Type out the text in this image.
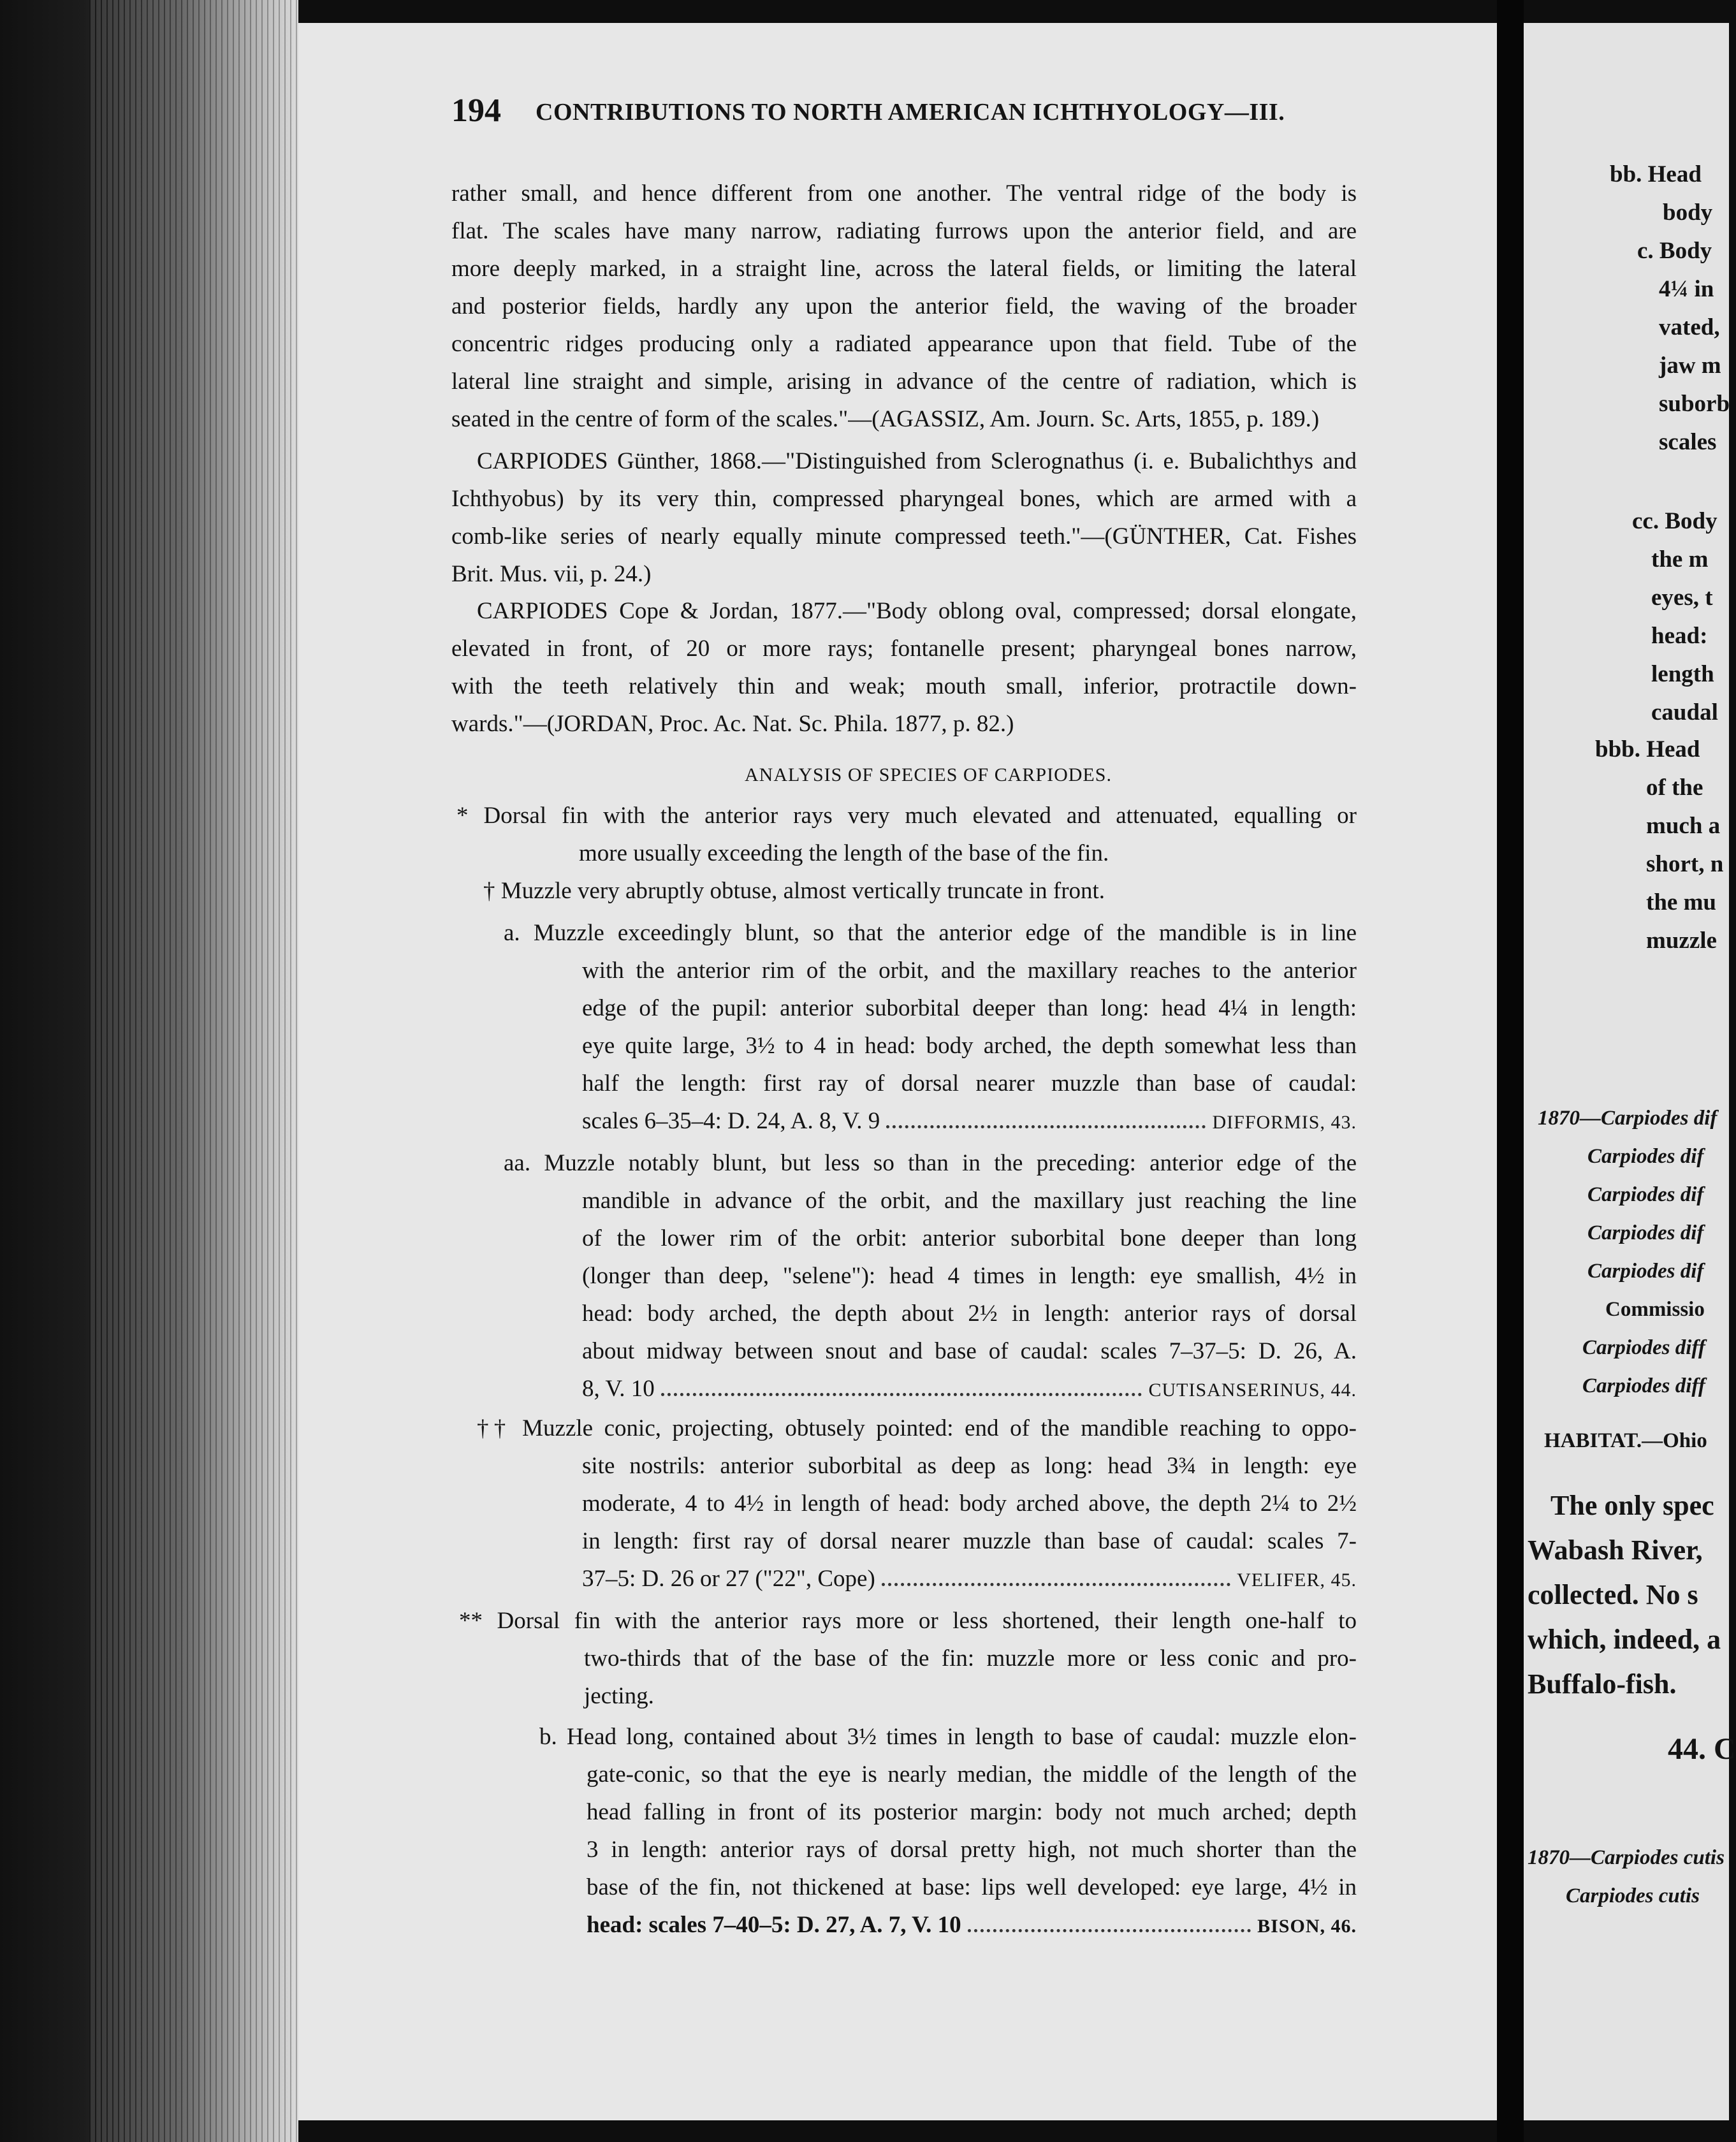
194 CONTRIBUTIONS TO NORTH AMERICAN ICHTHYOLOGY—III.
rather small, and hence different from one another. The ventral ridge of the body is
flat. The scales have many narrow, radiating furrows upon the anterior field, and are
more deeply marked, in a straight line, across the lateral fields, or limiting the lateral
and posterior fields, hardly any upon the anterior field, the waving of the broader
concentric ridges producing only a radiated appearance upon that field. Tube of the
lateral line straight and simple, arising in advance of the centre of radiation, which is
seated in the centre of form of the scales."—(AGASSIZ, Am. Journ. Sc. Arts, 1855, p. 189.)
CARPIODES Günther, 1868.—"Distinguished from Sclerognathus (i. e. Bubalichthys and
Ichthyobus) by its very thin, compressed pharyngeal bones, which are armed with a
comb-like series of nearly equally minute compressed teeth."—(GÜNTHER, Cat. Fishes
Brit. Mus. vii, p. 24.)
CARPIODES Cope & Jordan, 1877.—"Body oblong oval, compressed; dorsal elongate,
elevated in front, of 20 or more rays; fontanelle present; pharyngeal bones narrow,
with the teeth relatively thin and weak; mouth small, inferior, protractile down-
wards."—(JORDAN, Proc. Ac. Nat. Sc. Phila. 1877, p. 82.)
ANALYSIS OF SPECIES OF CARPIODES.
* Dorsal fin with the anterior rays very much elevated and attenuated, equalling or
more usually exceeding the length of the base of the fin.
† Muzzle very abruptly obtuse, almost vertically truncate in front.
a. Muzzle exceedingly blunt, so that the anterior edge of the mandible is in line
with the anterior rim of the orbit, and the maxillary reaches to the anterior
edge of the pupil: anterior suborbital deeper than long: head 4¼ in length:
eye quite large, 3½ to 4 in head: body arched, the depth somewhat less than
half the length: first ray of dorsal nearer muzzle than base of caudal:
scales 6–35–4: D. 24, A. 8, V. 9	DIFFORMIS, 43.
aa. Muzzle notably blunt, but less so than in the preceding: anterior edge of the
mandible in advance of the orbit, and the maxillary just reaching the line
of the lower rim of the orbit: anterior suborbital bone deeper than long
(longer than deep, "selene"): head 4 times in length: eye smallish, 4½ in
head: body arched, the depth about 2½ in length: anterior rays of dorsal
about midway between snout and base of caudal: scales 7–37–5: D. 26, A.
8, V. 10	CUTISANSERINUS, 44.
†† Muzzle conic, projecting, obtusely pointed: end of the mandible reaching to oppo-
site nostrils: anterior suborbital as deep as long: head 3¾ in length: eye
moderate, 4 to 4½ in length of head: body arched above, the depth 2¼ to 2½
in length: first ray of dorsal nearer muzzle than base of caudal: scales 7-
37–5: D. 26 or 27 ("22", Cope)	VELIFER, 45.
** Dorsal fin with the anterior rays more or less shortened, their length one-half to
two-thirds that of the base of the fin: muzzle more or less conic and pro-
jecting.
b. Head long, contained about 3½ times in length to base of caudal: muzzle elon-
gate-conic, so that the eye is nearly median, the middle of the length of the
head falling in front of its posterior margin: body not much arched; depth
3 in length: anterior rays of dorsal pretty high, not much shorter than the
base of the fin, not thickened at base: lips well developed: eye large, 4½ in
head: scales 7–40–5: D. 27, A. 7, V. 10	BISON, 46.
bb. Head
body
c. Body
4¼ in
vated,
jaw m
suborb
scales
cc. Body
the m
eyes, t
head:
length
caudal
bbb. Head
of the
much a
short, n
the mu
muzzle
1870—Carpiodes dif
Carpiodes dif
Carpiodes dif
Carpiodes dif
Carpiodes dif
Commissio
Carpiodes diff
Carpiodes diff
HABITAT.—Ohio
The only spec
Wabash River,
collected. No s
which, indeed, a
Buffalo-fish.
44. C
1870—Carpiodes cutis
Carpiodes cutis
